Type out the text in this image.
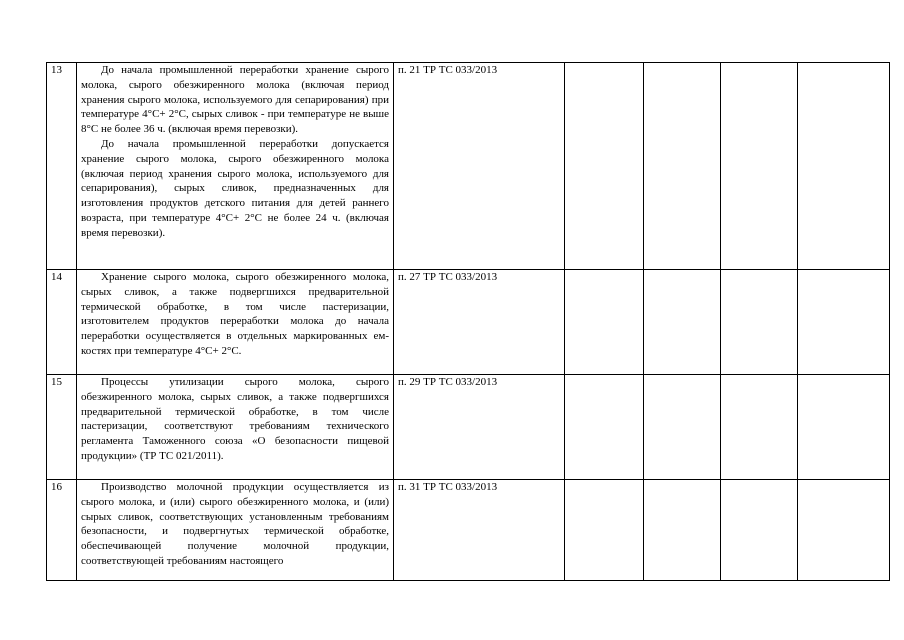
13	До начала промышленной переработки хранение сырого молока, сырого обезжиренного молока (включая период хранения сырого молока, используемого для сепарирования) при температуре 4°С+ 2°С, сырых сливок - при температуре не выше 8°С не более 36 ч. (включая время перевозки).

До начала промышленной переработки допускается хранение сырого молока, сырого обезжиренного молока (включая период хранения сырого молока, используемого для сепарирования), сырых сливок, предназначенных для изготовления продуктов детского питания для детей раннего возраста, при температуре 4°С+ 2°С не более 24 ч. (включая время перевозки).	п. 21 ТР ТС 033/2013				
14	Хранение сырого молока, сырого обезжиренного молока, сырых сливок, а также подвергшихся предварительной термической обработке, в том числе пастеризации, изготовителем продуктов переработки молока до начала переработки осуществляется в отдельных маркированных ем-костях при температуре 4°С+ 2°С.	п. 27 ТР ТС 033/2013				
15	Процессы утилизации сырого молока, сырого обезжиренного молока, сырых сливок, а также подвергшихся предварительной термической обработке, в том числе пастеризации, соответствуют требованиям технического регламента Таможенного союза «О безопасности пищевой продукции» (ТР ТС 021/2011).	п. 29 ТР ТС 033/2013				
16	Производство молочной продукции осуществляется из сырого молока, и (или) сырого обезжиренного молока, и (или) сырых сливок, соответствующих установленным требованиям безопасности, и подвергнутых термической обработке, обеспечивающей получение молочной продукции, соответствующей требованиям настоящего	п. 31 ТР ТС 033/2013				
